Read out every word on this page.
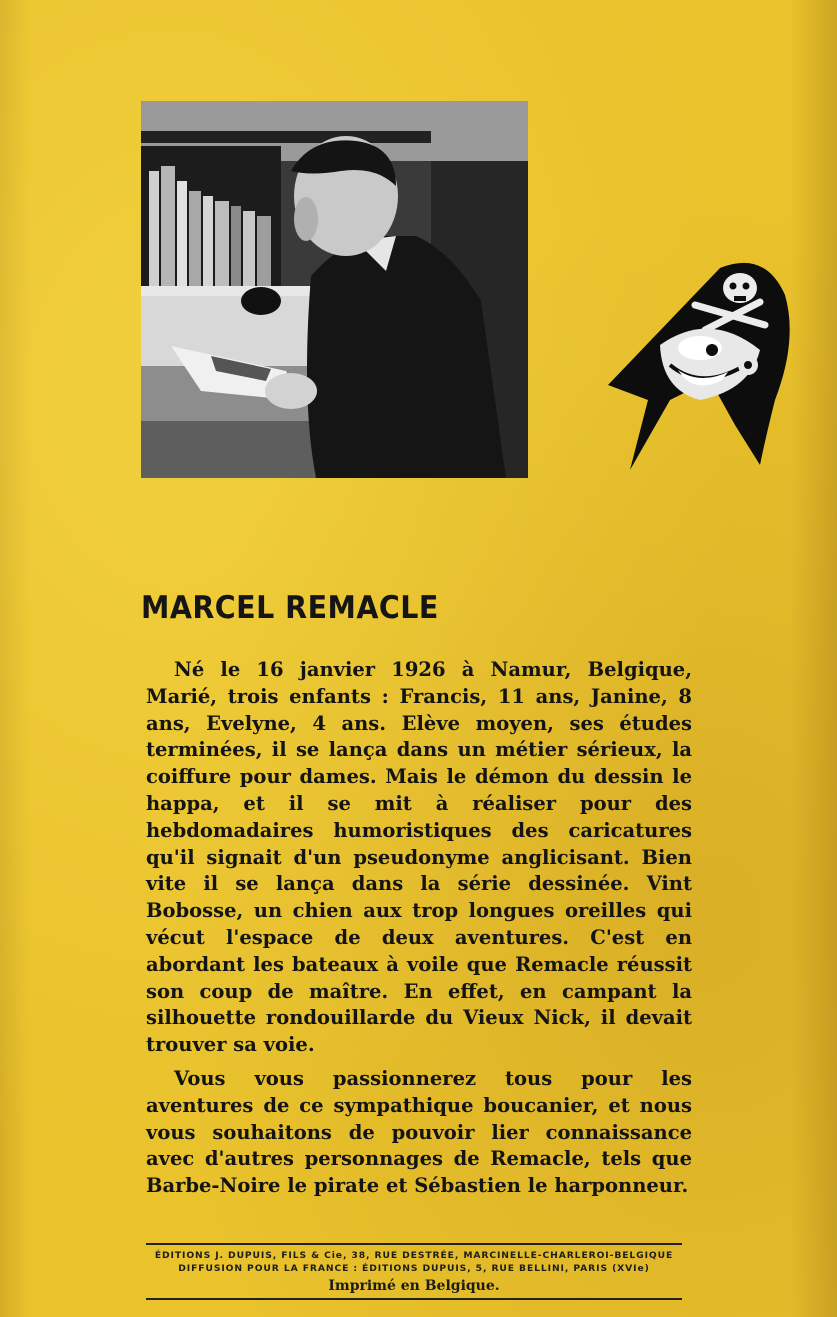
MARCEL REMACLE

Né le 16 janvier 1926 à Namur, Belgique, Marié, trois enfants : Francis, 11 ans, Janine, 8 ans, Evelyne, 4 ans. Elève moyen, ses études terminées, il se lança dans un métier sérieux, la coiffure pour dames. Mais le démon du dessin le happa, et il se mit à réaliser pour des hebdomadaires humoristiques des caricatures qu'il signait d'un pseudonyme anglicisant. Bien vite il se lança dans la série dessinée. Vint Bobosse, un chien aux trop longues oreilles qui vécut l'espace de deux aventures. C'est en abordant les bateaux à voile que Remacle réussit son coup de maître. En effet, en campant la silhouette rondouillarde du Vieux Nick, il devait trouver sa voie.

Vous vous passionnerez tous pour les aventures de ce sympathique boucanier, et nous vous souhaitons de pouvoir lier connaissance avec d'autres personnages de Remacle, tels que Barbe-Noire le pirate et Sébastien le harponneur.

ÉDITIONS J. DUPUIS, FILS & Cie, 38, RUE DESTRÉE, MARCINELLE-CHARLEROI-BELGIQUE
DIFFUSION POUR LA FRANCE : ÉDITIONS DUPUIS, 5, RUE BELLINI, PARIS (XVIe)
Imprimé en Belgique.
